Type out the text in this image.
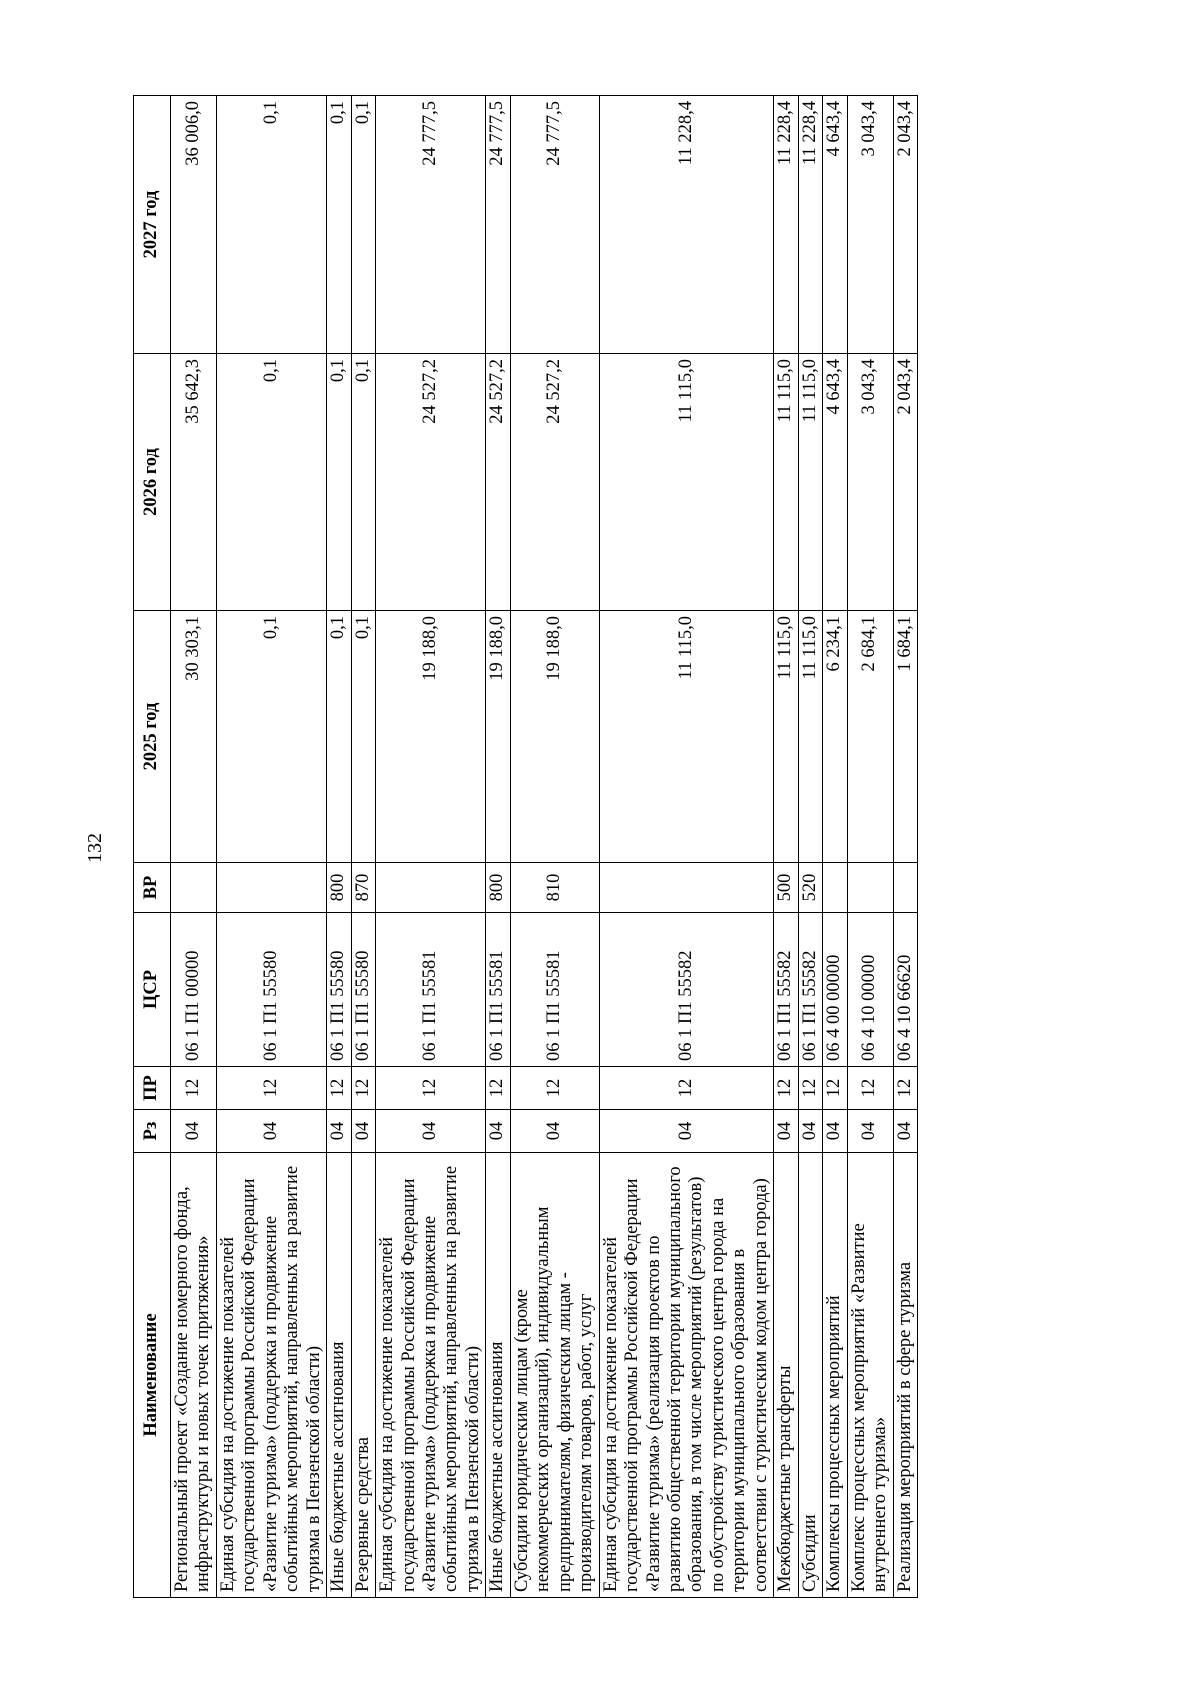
132
Наименование	Рз	ПР	ЦСР	ВР	2025 год	2026 год	2027 год
Региональный проект «Создание номерного фонда, инфраструктуры и новых точек притяжения»	04	12	06 1 П1 00000		30 303,1	35 642,3	36 006,0
Единая субсидия на достижение показателей государственной программы Российской Федерации «Развитие туризма» (поддержка и продвижение событийных мероприятий, направленных на развитие туризма в Пензенской области)	04	12	06 1 П1 55580		0,1	0,1	0,1
Иные бюджетные ассигнования	04	12	06 1 П1 55580	800	0,1	0,1	0,1
Резервные средства	04	12	06 1 П1 55580	870	0,1	0,1	0,1
Единая субсидия на достижение показателей государственной программы Российской Федерации «Развитие туризма» (поддержка и продвижение событийных мероприятий, направленных на развитие туризма в Пензенской области)	04	12	06 1 П1 55581		19 188,0	24 527,2	24 777,5
Иные бюджетные ассигнования	04	12	06 1 П1 55581	800	19 188,0	24 527,2	24 777,5
Субсидии юридическим лицам (кроме некоммерческих организаций), индивидуальным предпринимателям, физическим лицам - производителям товаров, работ, услуг	04	12	06 1 П1 55581	810	19 188,0	24 527,2	24 777,5
Единая субсидия на достижение показателей государственной программы Российской Федерации «Развитие туризма» (реализация проектов по развитию общественной территории муниципального образования, в том числе мероприятий (результатов) по обустройству туристического центра города на территории муниципального образования в соответствии с туристическим кодом центра города)	04	12	06 1 П1 55582		11 115,0	11 115,0	11 228,4
Межбюджетные трансферты	04	12	06 1 П1 55582	500	11 115,0	11 115,0	11 228,4
Субсидии	04	12	06 1 П1 55582	520	11 115,0	11 115,0	11 228,4
Комплексы процессных мероприятий	04	12	06 4 00 00000		6 234,1	4 643,4	4 643,4
Комплекс процессных мероприятий «Развитие внутреннего туризма»	04	12	06 4 10 00000		2 684,1	3 043,4	3 043,4
Реализация мероприятий в сфере туризма	04	12	06 4 10 66620		1 684,1	2 043,4	2 043,4
